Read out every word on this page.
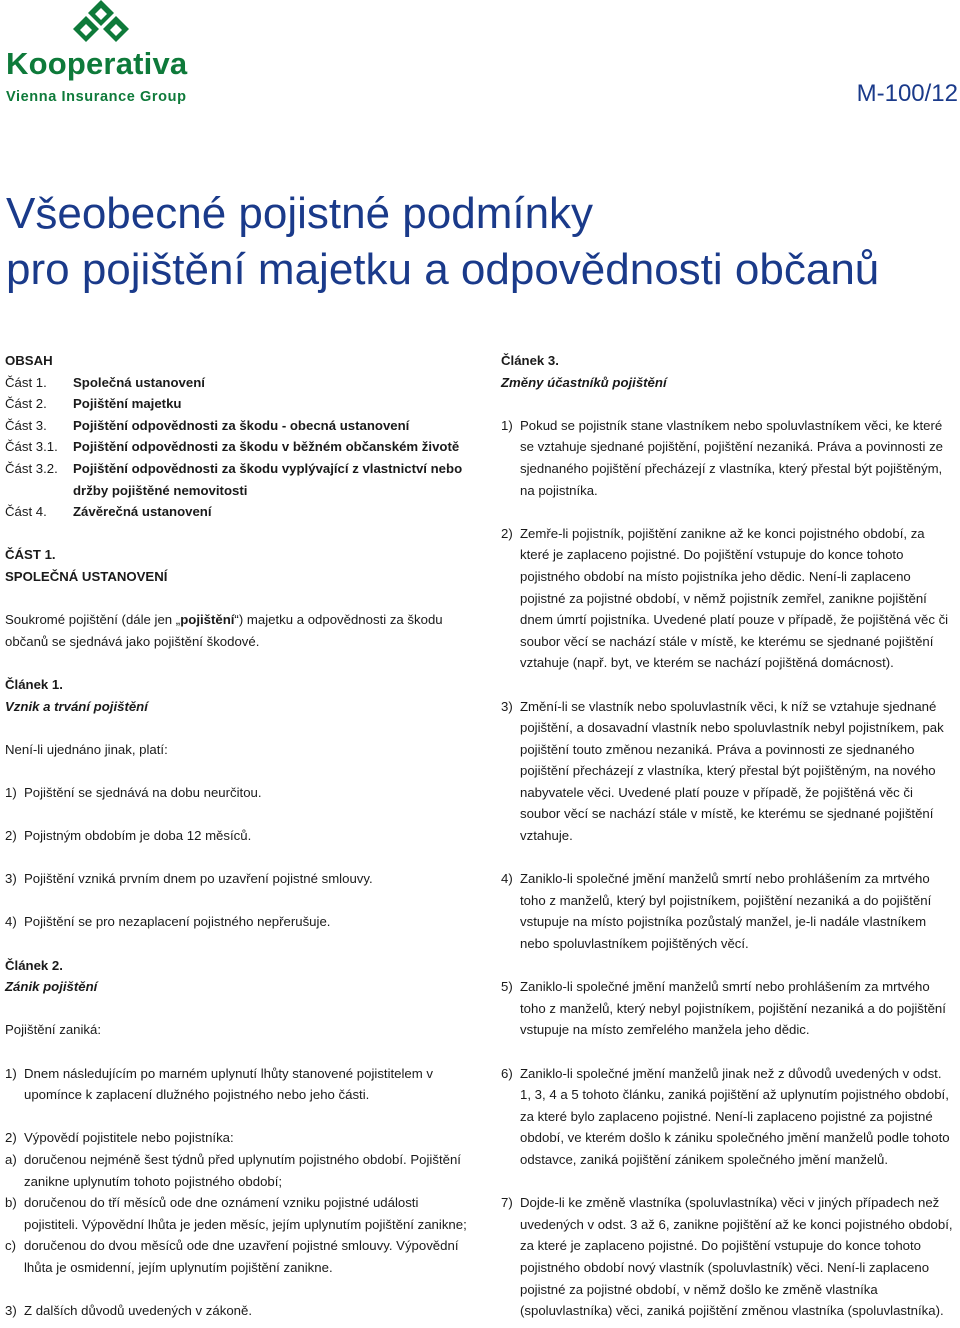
Kooperativa
Vienna Insurance Group	M-100/12
Všeobecné pojistné podmínky
pro pojištění majetku a odpovědnosti občanů
OBSAH
Část 1.	Společná ustanovení
Část 2.	Pojištění majetku
Část 3.	Pojištění odpovědnosti za škodu - obecná ustanovení
Část 3.1.	Pojištění odpovědnosti za škodu v běžném občanském životě
Část 3.2.	Pojištění odpovědnosti za škodu vyplývající z vlastnictví nebo držby pojištěné nemovitosti
Část 4.	Závěrečná ustanovení
ČÁST 1.
SPOLEČNÁ USTANOVENÍ

Soukromé pojištění (dále jen „pojištění“) majetku a odpovědnosti za škodu občanů se sjednává jako pojištění škodové.

Článek 1.
Vznik a trvání pojištění

Není-li ujednáno jinak, platí:

1) Pojištění se sjednává na dobu neurčitou.
2) Pojistným obdobím je doba 12 měsíců.
3) Pojištění vzniká prvním dnem po uzavření pojistné smlouvy.
4) Pojištění se pro nezaplacení pojistného nepřerušuje.
Článek 2.
Zánik pojištění

Pojištění zaniká:

1) Dnem následujícím po marném uplynutí lhůty stanovené pojistitelem v upomínce k zaplacení dlužného pojistného nebo jeho části.
2) Výpovědí pojistitele nebo pojistníka:
a) doručenou nejméně šest týdnů před uplynutím pojistného období. Pojištění zanikne uplynutím tohoto pojistného období;
b) doručenou do tří měsíců ode dne oznámení vzniku pojistné události pojistiteli. Výpovědní lhůta je jeden měsíc, jejím uplynutím pojištění zanikne;
c) doručenou do dvou měsíců ode dne uzavření pojistné smlouvy. Výpovědní lhůta je osmidenní, jejím uplynutím pojištění zanikne.
3) Z dalších důvodů uvedených v zákoně.
Článek 3.
Změny účastníků pojištění
1) Pokud se pojistník stane vlastníkem nebo spoluvlastníkem věci, ke které se vztahuje sjednané pojištění, pojištění nezaniká. Práva a povinnosti ze sjednaného pojištění přecházejí z vlastníka, který přestal být pojištěným, na pojistníka.
2) Zemře-li pojistník, pojištění zanikne až ke konci pojistného období, za které je zaplaceno pojistné. Do pojištění vstupuje do konce tohoto pojistného období na místo pojistníka jeho dědic. Není-li zaplaceno pojistné za pojistné období, v němž pojistník zemřel, zanikne pojištění dnem úmrtí pojistníka. Uvedené platí pouze v případě, že pojištěná věc či soubor věcí se nachází stále v místě, ke kterému se sjednané pojištění vztahuje (např. byt, ve kterém se nachází pojištěná domácnost).
3) Změní-li se vlastník nebo spoluvlastník věci, k níž se vztahuje sjednané pojištění, a dosavadní vlastník nebo spoluvlastník nebyl pojistníkem, pak pojištění touto změnou nezaniká. Práva a povinnosti ze sjednaného pojištění přecházejí z vlastníka, který přestal být pojištěným, na nového nabyvatele věci. Uvedené platí pouze v případě, že pojištěná věc či soubor věcí se nachází stále v místě, ke kterému se sjednané pojištění vztahuje.
4) Zaniklo-li společné jmění manželů smrtí nebo prohlášením za mrtvého toho z manželů, který byl pojistníkem, pojištění nezaniká a do pojištění vstupuje na místo pojistníka pozůstalý manžel, je-li nadále vlastníkem nebo spoluvlastníkem pojištěných věcí.
5) Zaniklo-li společné jmění manželů smrtí nebo prohlášením za mrtvého toho z manželů, který nebyl pojistníkem, pojištění nezaniká a do pojištění vstupuje na místo zemřelého manžela jeho dědic.
6) Zaniklo-li společné jmění manželů jinak než z důvodů uvedených v odst. 1, 3, 4 a 5 tohoto článku, zaniká pojištění až uplynutím pojistného období, za které bylo zaplaceno pojistné. Není-li zaplaceno pojistné za pojistné období, ve kterém došlo k zániku společného jmění manželů podle tohoto odstavce, zaniká pojištění zánikem společného jmění manželů.
7) Dojde-li ke změně vlastníka (spoluvlastníka) věci v jiných případech než uvedených v odst. 3 až 6, zanikne pojištění až ke konci pojistného období, za které je zaplaceno pojistné. Do pojištění vstupuje do konce tohoto pojistného období nový vlastník (spoluvlastník) věci. Není-li zaplaceno pojistné za pojistné období, v němž došlo ke změně vlastníka (spoluvlastníka) věci, zaniká pojištění změnou vlastníka (spoluvlastníka).
